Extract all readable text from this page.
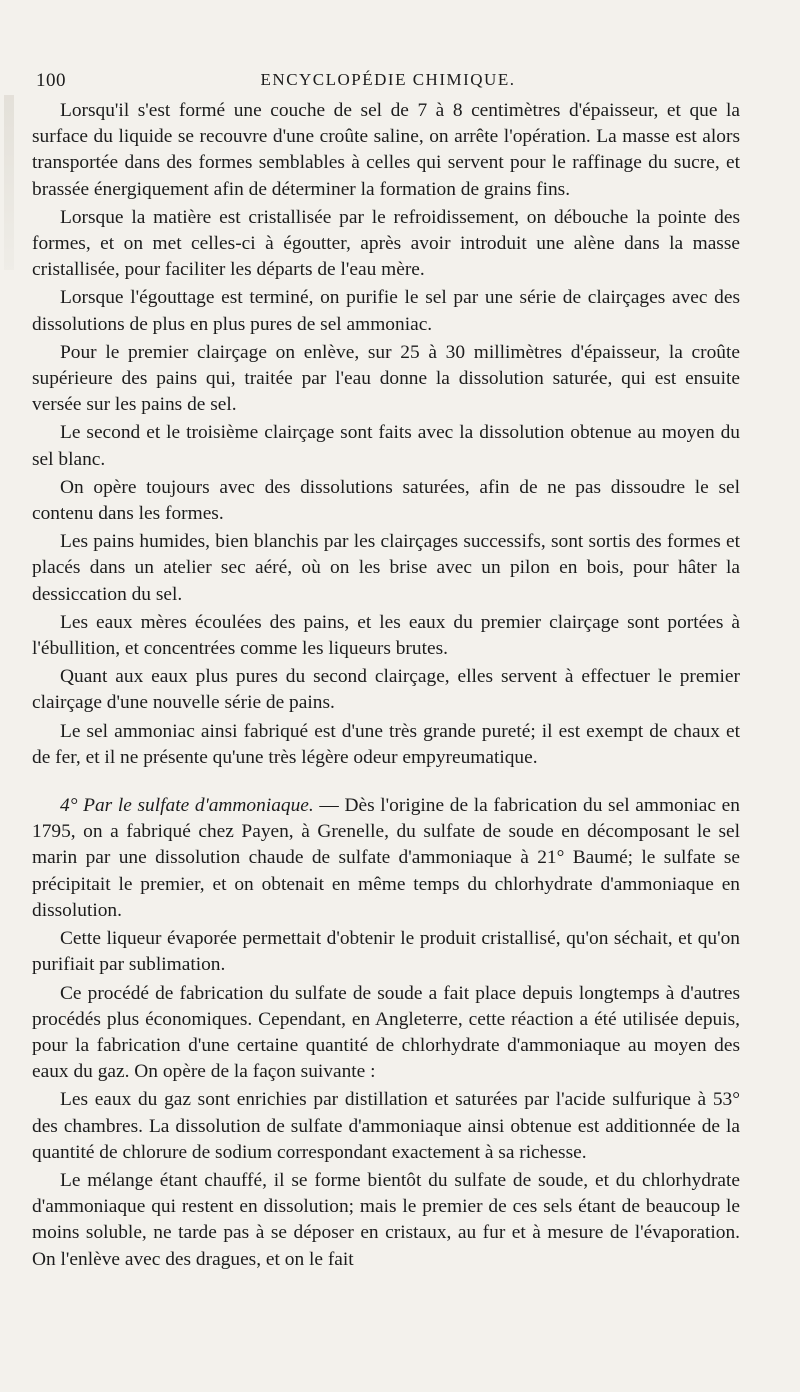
100	ENCYCLOPÉDIE CHIMIQUE.

Lorsqu'il s'est formé une couche de sel de 7 à 8 centimètres d'épaisseur, et que la surface du liquide se recouvre d'une croûte saline, on arrête l'opération. La masse est alors transportée dans des formes semblables à celles qui servent pour le raffinage du sucre, et brassée énergiquement afin de déterminer la formation de grains fins.

Lorsque la matière est cristallisée par le refroidissement, on débouche la pointe des formes, et on met celles-ci à égoutter, après avoir introduit une alène dans la masse cristallisée, pour faciliter les départs de l'eau mère.

Lorsque l'égouttage est terminé, on purifie le sel par une série de clairçages avec des dissolutions de plus en plus pures de sel ammoniac.

Pour le premier clairçage on enlève, sur 25 à 30 millimètres d'épaisseur, la croûte supérieure des pains qui, traitée par l'eau donne la dissolution saturée, qui est ensuite versée sur les pains de sel.

Le second et le troisième clairçage sont faits avec la dissolution obtenue au moyen du sel blanc.

On opère toujours avec des dissolutions saturées, afin de ne pas dissoudre le sel contenu dans les formes.

Les pains humides, bien blanchis par les clairçages successifs, sont sortis des formes et placés dans un atelier sec aéré, où on les brise avec un pilon en bois, pour hâter la dessiccation du sel.

Les eaux mères écoulées des pains, et les eaux du premier clairçage sont portées à l'ébullition, et concentrées comme les liqueurs brutes.

Quant aux eaux plus pures du second clairçage, elles servent à effectuer le premier clairçage d'une nouvelle série de pains.

Le sel ammoniac ainsi fabriqué est d'une très grande pureté; il est exempt de chaux et de fer, et il ne présente qu'une très légère odeur empyreumatique.

4° Par le sulfate d'ammoniaque. — Dès l'origine de la fabrication du sel ammoniac en 1795, on a fabriqué chez Payen, à Grenelle, du sulfate de soude en décomposant le sel marin par une dissolution chaude de sulfate d'ammoniaque à 21° Baumé; le sulfate se précipitait le premier, et on obtenait en même temps du chlorhydrate d'ammoniaque en dissolution.

Cette liqueur évaporée permettait d'obtenir le produit cristallisé, qu'on séchait, et qu'on purifiait par sublimation.

Ce procédé de fabrication du sulfate de soude a fait place depuis longtemps à d'autres procédés plus économiques. Cependant, en Angleterre, cette réaction a été utilisée depuis, pour la fabrication d'une certaine quantité de chlorhydrate d'ammoniaque au moyen des eaux du gaz. On opère de la façon suivante :

Les eaux du gaz sont enrichies par distillation et saturées par l'acide sulfurique à 53° des chambres. La dissolution de sulfate d'ammoniaque ainsi obtenue est additionnée de la quantité de chlorure de sodium correspondant exactement à sa richesse.

Le mélange étant chauffé, il se forme bientôt du sulfate de soude, et du chlorhydrate d'ammoniaque qui restent en dissolution; mais le premier de ces sels étant de beaucoup le moins soluble, ne tarde pas à se déposer en cristaux, au fur et à mesure de l'évaporation. On l'enlève avec des dragues, et on le fait
